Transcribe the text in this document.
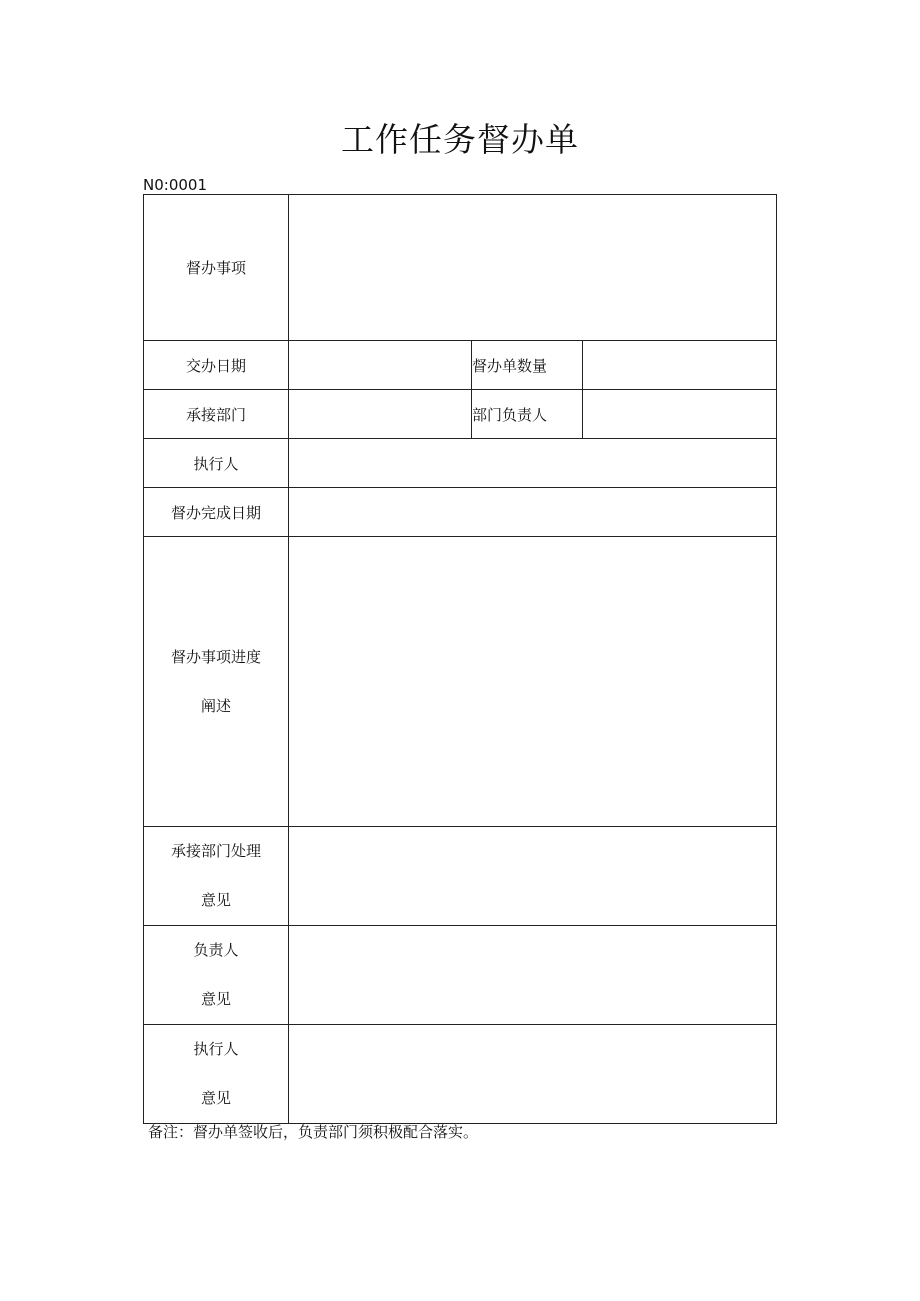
工作任务督办单
N0:0001
督办事项			
交办日期		督办单数量	
承接部门		部门负责人	
执行人			
督办完成日期			

督办事项进度
阐述			

承接部门处理
意见			

负责人
意见			

执行人
意见			

备注：督办单签收后，负责部门须积极配合落实。
